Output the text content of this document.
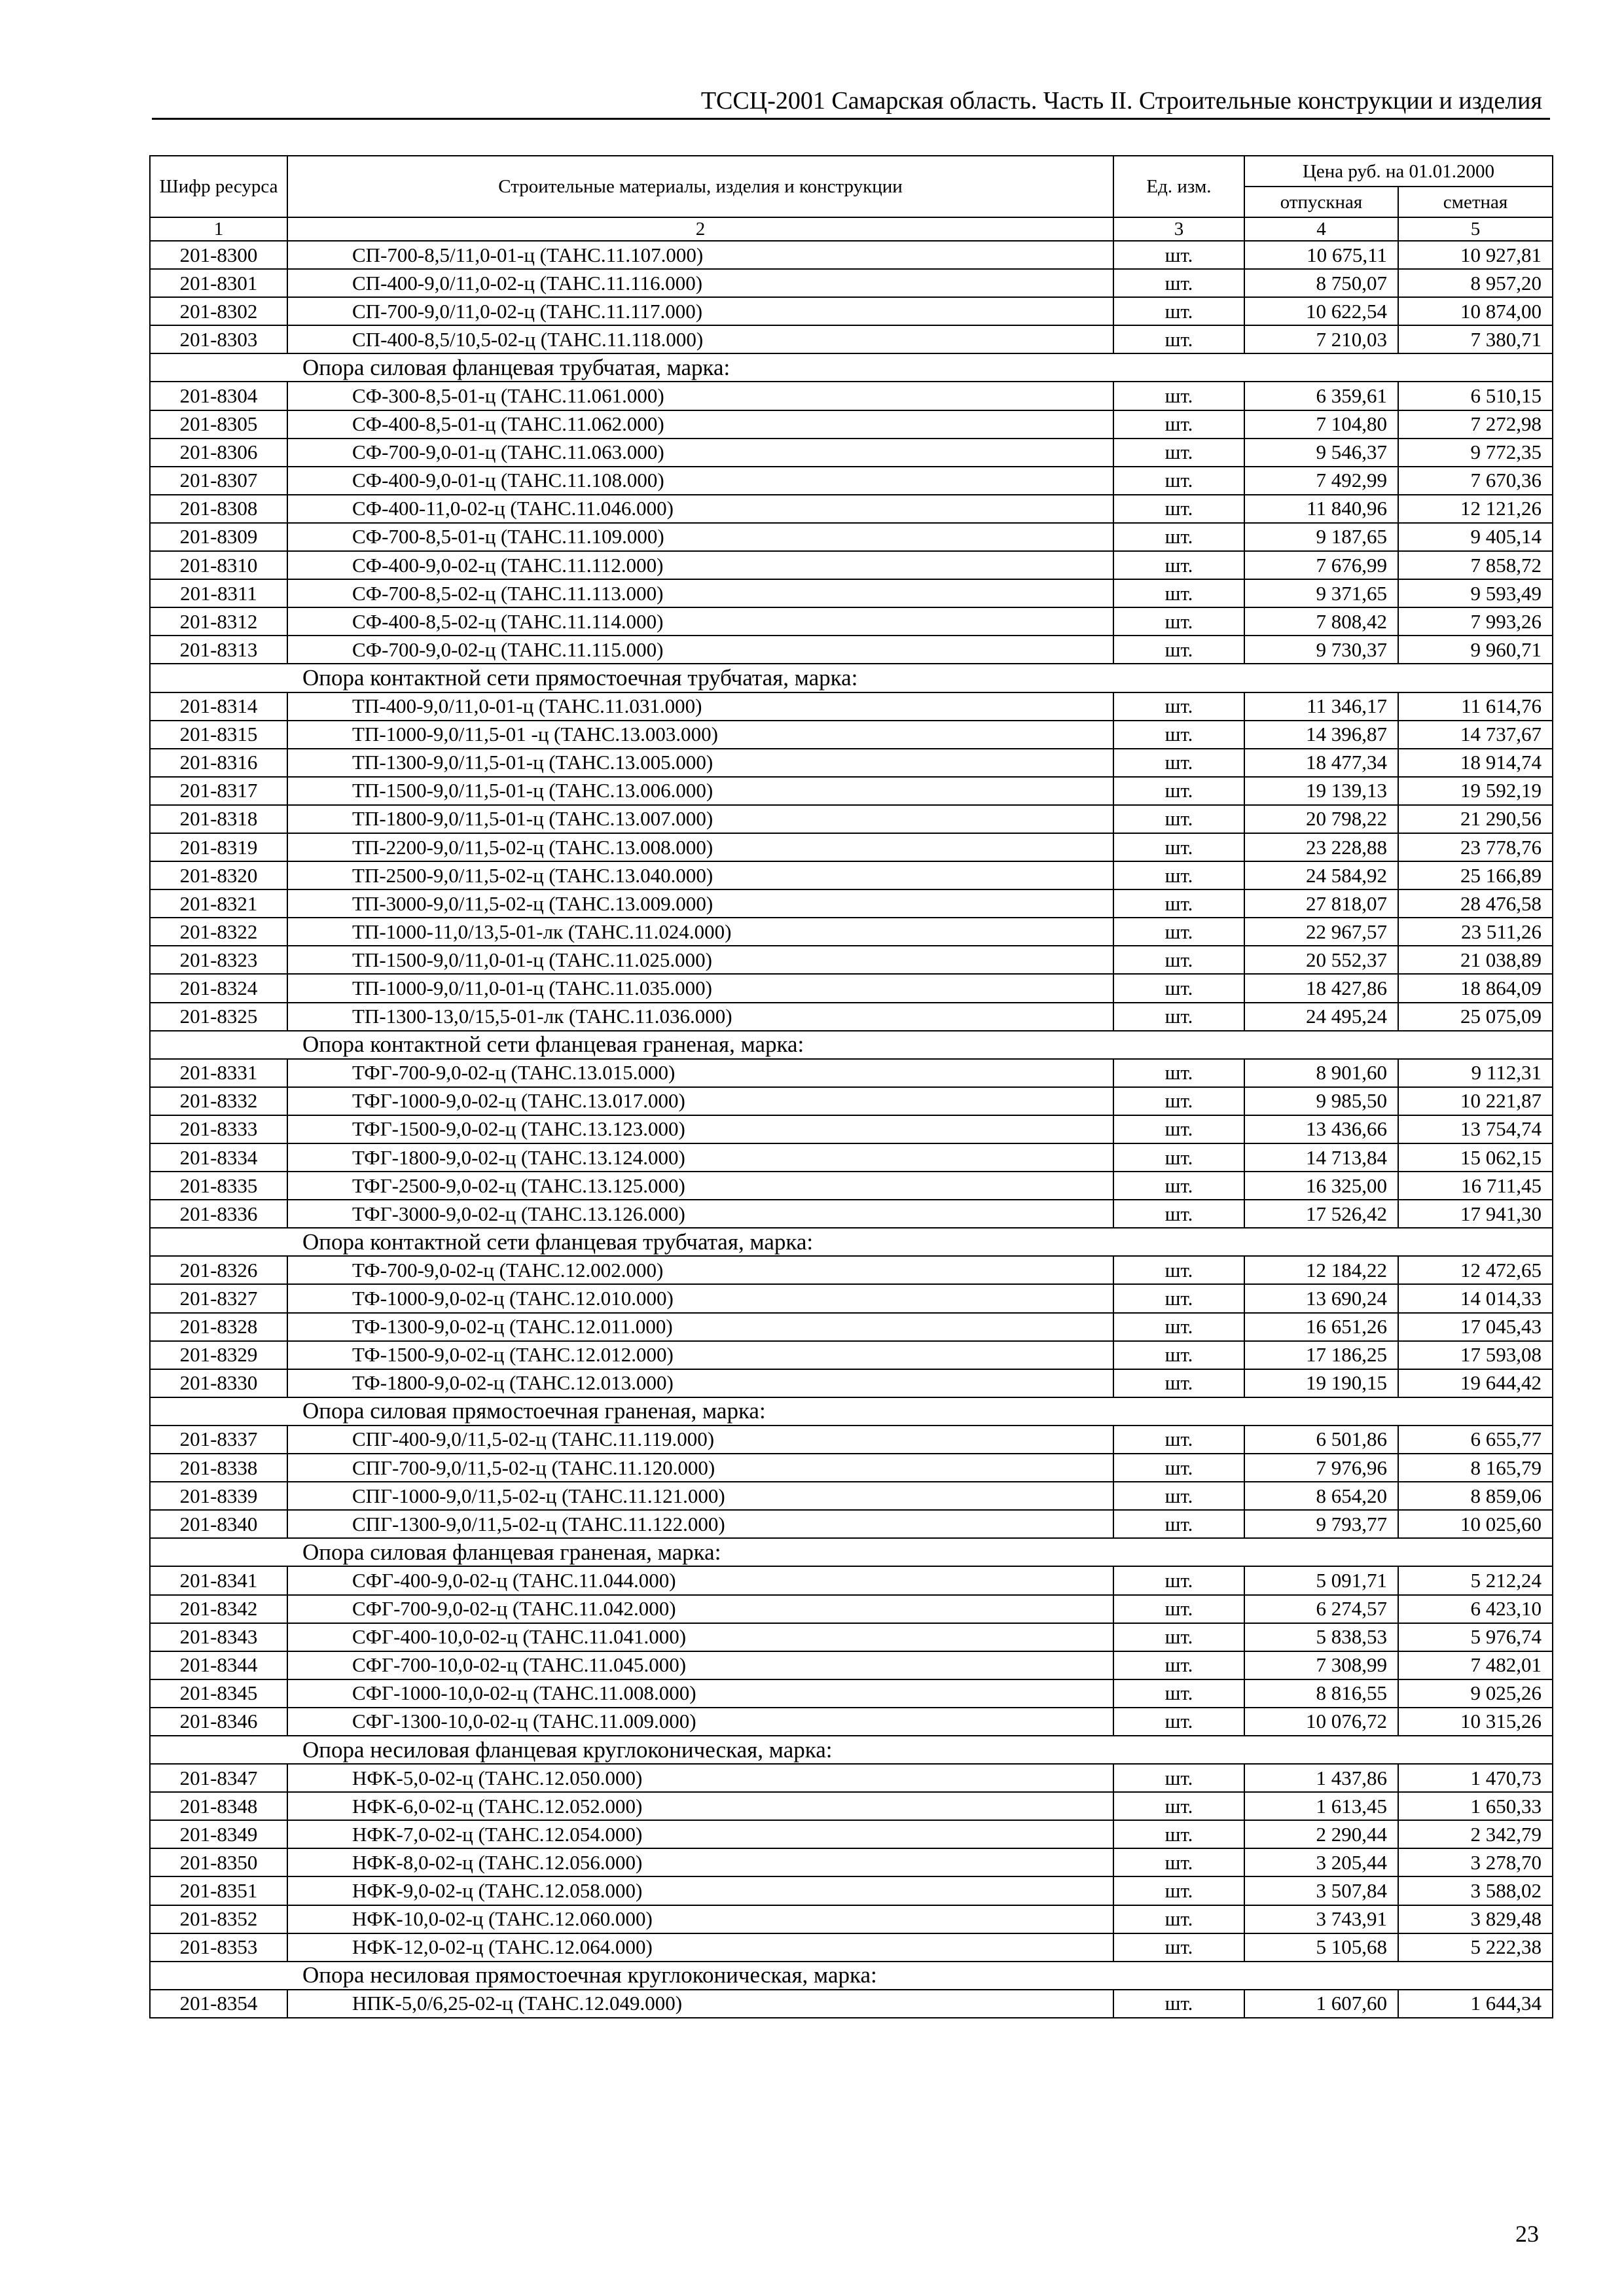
ТССЦ-2001 Самарская область. Часть II. Строительные конструкции и изделия
Шифр ресурса	Строительные материалы, изделия и конструкции	Ед. изм.	Цена руб. на 01.01.2000	
			отпускная	сметная
1	2	3	4	5
201-8300	СП-700-8,5/11,0-01-ц (ТАНС.11.107.000)	шт.	10 675,11	10 927,81
201-8301	СП-400-9,0/11,0-02-ц (ТАНС.11.116.000)	шт.	8 750,07	8 957,20
201-8302	СП-700-9,0/11,0-02-ц (ТАНС.11.117.000)	шт.	10 622,54	10 874,00
201-8303	СП-400-8,5/10,5-02-ц (ТАНС.11.118.000)	шт.	7 210,03	7 380,71
Опора силовая фланцевая трубчатая, марка:				
201-8304	СФ-300-8,5-01-ц (ТАНС.11.061.000)	шт.	6 359,61	6 510,15
201-8305	СФ-400-8,5-01-ц (ТАНС.11.062.000)	шт.	7 104,80	7 272,98
201-8306	СФ-700-9,0-01-ц (ТАНС.11.063.000)	шт.	9 546,37	9 772,35
201-8307	СФ-400-9,0-01-ц (ТАНС.11.108.000)	шт.	7 492,99	7 670,36
201-8308	СФ-400-11,0-02-ц (ТАНС.11.046.000)	шт.	11 840,96	12 121,26
201-8309	СФ-700-8,5-01-ц (ТАНС.11.109.000)	шт.	9 187,65	9 405,14
201-8310	СФ-400-9,0-02-ц (ТАНС.11.112.000)	шт.	7 676,99	7 858,72
201-8311	СФ-700-8,5-02-ц (ТАНС.11.113.000)	шт.	9 371,65	9 593,49
201-8312	СФ-400-8,5-02-ц (ТАНС.11.114.000)	шт.	7 808,42	7 993,26
201-8313	СФ-700-9,0-02-ц (ТАНС.11.115.000)	шт.	9 730,37	9 960,71
Опора контактной сети прямостоечная трубчатая, марка:				
201-8314	ТП-400-9,0/11,0-01-ц (ТАНС.11.031.000)	шт.	11 346,17	11 614,76
201-8315	ТП-1000-9,0/11,5-01 -ц (ТАНС.13.003.000)	шт.	14 396,87	14 737,67
201-8316	ТП-1300-9,0/11,5-01-ц (ТАНС.13.005.000)	шт.	18 477,34	18 914,74
201-8317	ТП-1500-9,0/11,5-01-ц (ТАНС.13.006.000)	шт.	19 139,13	19 592,19
201-8318	ТП-1800-9,0/11,5-01-ц (ТАНС.13.007.000)	шт.	20 798,22	21 290,56
201-8319	ТП-2200-9,0/11,5-02-ц (ТАНС.13.008.000)	шт.	23 228,88	23 778,76
201-8320	ТП-2500-9,0/11,5-02-ц (ТАНС.13.040.000)	шт.	24 584,92	25 166,89
201-8321	ТП-3000-9,0/11,5-02-ц (ТАНС.13.009.000)	шт.	27 818,07	28 476,58
201-8322	ТП-1000-11,0/13,5-01-лк (ТАНС.11.024.000)	шт.	22 967,57	23 511,26
201-8323	ТП-1500-9,0/11,0-01-ц (ТАНС.11.025.000)	шт.	20 552,37	21 038,89
201-8324	ТП-1000-9,0/11,0-01-ц (ТАНС.11.035.000)	шт.	18 427,86	18 864,09
201-8325	ТП-1300-13,0/15,5-01-лк (ТАНС.11.036.000)	шт.	24 495,24	25 075,09
Опора контактной сети фланцевая граненая, марка:				
201-8331	ТФГ-700-9,0-02-ц (ТАНС.13.015.000)	шт.	8 901,60	9 112,31
201-8332	ТФГ-1000-9,0-02-ц (ТАНС.13.017.000)	шт.	9 985,50	10 221,87
201-8333	ТФГ-1500-9,0-02-ц (ТАНС.13.123.000)	шт.	13 436,66	13 754,74
201-8334	ТФГ-1800-9,0-02-ц (ТАНС.13.124.000)	шт.	14 713,84	15 062,15
201-8335	ТФГ-2500-9,0-02-ц (ТАНС.13.125.000)	шт.	16 325,00	16 711,45
201-8336	ТФГ-3000-9,0-02-ц (ТАНС.13.126.000)	шт.	17 526,42	17 941,30
Опора контактной сети фланцевая трубчатая, марка:				
201-8326	ТФ-700-9,0-02-ц (ТАНС.12.002.000)	шт.	12 184,22	12 472,65
201-8327	ТФ-1000-9,0-02-ц (ТАНС.12.010.000)	шт.	13 690,24	14 014,33
201-8328	ТФ-1300-9,0-02-ц (ТАНС.12.011.000)	шт.	16 651,26	17 045,43
201-8329	ТФ-1500-9,0-02-ц (ТАНС.12.012.000)	шт.	17 186,25	17 593,08
201-8330	ТФ-1800-9,0-02-ц (ТАНС.12.013.000)	шт.	19 190,15	19 644,42
Опора силовая прямостоечная граненая, марка:				
201-8337	СПГ-400-9,0/11,5-02-ц (ТАНС.11.119.000)	шт.	6 501,86	6 655,77
201-8338	СПГ-700-9,0/11,5-02-ц (ТАНС.11.120.000)	шт.	7 976,96	8 165,79
201-8339	СПГ-1000-9,0/11,5-02-ц (ТАНС.11.121.000)	шт.	8 654,20	8 859,06
201-8340	СПГ-1300-9,0/11,5-02-ц (ТАНС.11.122.000)	шт.	9 793,77	10 025,60
Опора силовая фланцевая граненая, марка:				
201-8341	СФГ-400-9,0-02-ц (ТАНС.11.044.000)	шт.	5 091,71	5 212,24
201-8342	СФГ-700-9,0-02-ц (ТАНС.11.042.000)	шт.	6 274,57	6 423,10
201-8343	СФГ-400-10,0-02-ц (ТАНС.11.041.000)	шт.	5 838,53	5 976,74
201-8344	СФГ-700-10,0-02-ц (ТАНС.11.045.000)	шт.	7 308,99	7 482,01
201-8345	СФГ-1000-10,0-02-ц (ТАНС.11.008.000)	шт.	8 816,55	9 025,26
201-8346	СФГ-1300-10,0-02-ц (ТАНС.11.009.000)	шт.	10 076,72	10 315,26
Опора несиловая фланцевая круглоконическая, марка:				
201-8347	НФК-5,0-02-ц (ТАНС.12.050.000)	шт.	1 437,86	1 470,73
201-8348	НФК-6,0-02-ц (ТАНС.12.052.000)	шт.	1 613,45	1 650,33
201-8349	НФК-7,0-02-ц (ТАНС.12.054.000)	шт.	2 290,44	2 342,79
201-8350	НФК-8,0-02-ц (ТАНС.12.056.000)	шт.	3 205,44	3 278,70
201-8351	НФК-9,0-02-ц (ТАНС.12.058.000)	шт.	3 507,84	3 588,02
201-8352	НФК-10,0-02-ц (ТАНС.12.060.000)	шт.	3 743,91	3 829,48
201-8353	НФК-12,0-02-ц (ТАНС.12.064.000)	шт.	5 105,68	5 222,38
Опора несиловая прямостоечная круглоконическая, марка:				
201-8354	НПК-5,0/6,25-02-ц (ТАНС.12.049.000)	шт.	1 607,60	1 644,34
23
